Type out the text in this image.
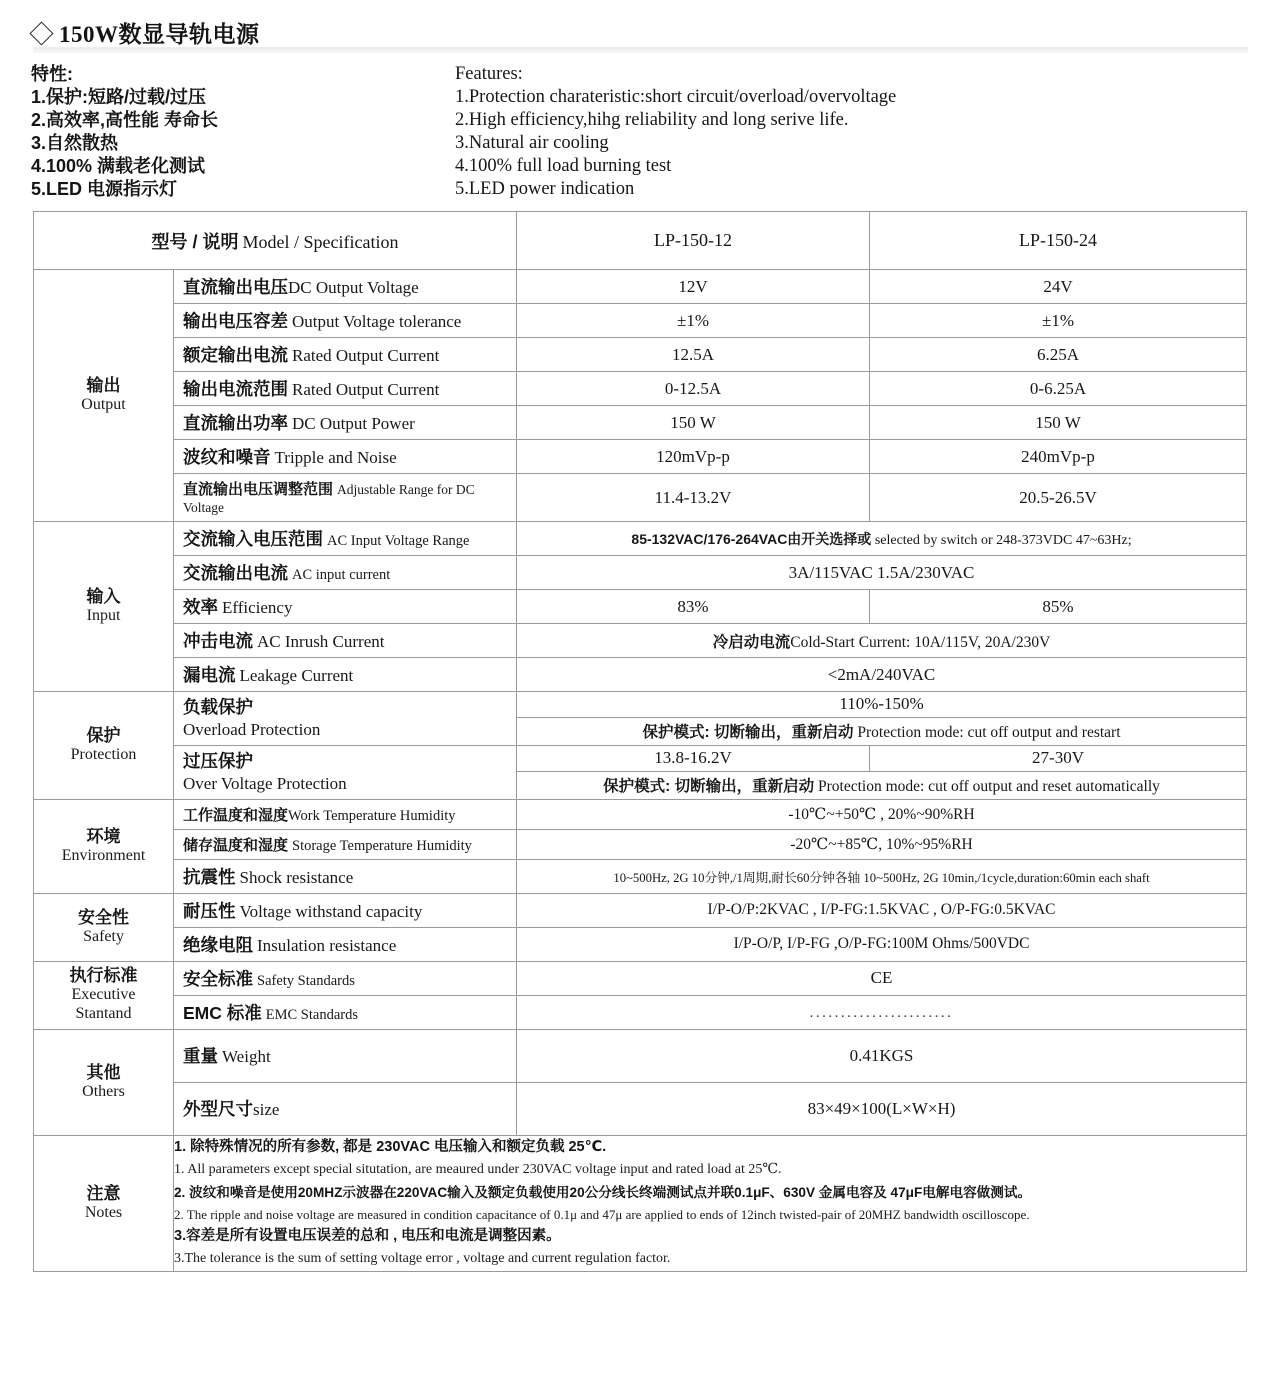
150W数显导轨电源
特性:
1.保护:短路/过载/过压
2.高效率,高性能 寿命长
3.自然散热
4.100% 满载老化测试
5.LED 电源指示灯
Features:
1.Protection charateristic:short circuit/overload/overvoltage
2.High efficiency,hihg reliability and long serive life.
3.Natural air cooling
4.100% full load burning test
5.LED power indication
型号 / 说明 Model / Specification		LP-150-12	LP-150-24

输出
Output	直流输出电压DC Output Voltage	12V	24V

	输出电压容差 Output Voltage tolerance	±1%	±1%

	额定输出电流 Rated Output Current	12.5A	6.25A

	输出电流范围 Rated Output Current	0-12.5A	0-6.25A

	直流输出功率 DC Output Power	150 W	150 W

	波纹和噪音 Tripple and Noise	120mVp-p	240mVp-p

	直流输出电压调整范围 Adjustable Range for DC Voltage	11.4-13.2V	20.5-26.5V

输入
Input	交流输入电压范围 AC Input Voltage Range	85-132VAC/176-264VAC由开关选择或 selected by switch or 248-373VDC 47~63Hz;	

	交流输出电流 AC input current	3A/115VAC 1.5A/230VAC	

	效率 Efficiency	83%	85%

	冲击电流 AC Inrush Current	冷启动电流Cold-Start Current: 10A/115V, 20A/230V	

	漏电流 Leakage Current	<2mA/240VAC	

保护
Protection	负载保护
Overload Protection	110%-150%	
		保护模式: 切断输出，重新启动 Protection mode: cut off output and restart	

	过压保护
Over Voltage Protection	13.8-16.2V	27-30V
		保护模式: 切断输出，重新启动 Protection mode: cut off output and reset automatically	

环境
Environment	工作温度和湿度Work Temperature Humidity	-10℃~+50℃ , 20%~90%RH	

	储存温度和湿度 Storage Temperature Humidity	-20℃~+85℃, 10%~95%RH	

	抗震性 Shock resistance	10~500Hz, 2G 10分钟,/1周期,耐长60分钟各轴 10~500Hz, 2G 10min,/1cycle,duration:60min each shaft	

安全性
Safety	耐压性 Voltage withstand capacity	I/P-O/P:2KVAC , I/P-FG:1.5KVAC , O/P-FG:0.5KVAC	

	绝缘电阻 Insulation resistance	I/P-O/P, I/P-FG ,O/P-FG:100M Ohms/500VDC	

执行标准
Executive
Stantand	安全标准 Safety Standards	CE	

	EMC 标准 EMC Standards	.......................	

其他
Others	重量 Weight	0.41KGS	

	外型尺寸size	83×49×100(L×W×H)	

注意
Notes

1. 除特殊情况的所有参数, 都是 230VAC 电压输入和额定负载 25℃.
1. All parameters except special situtation, are meaured under 230VAC voltage input and rated load at 25℃.
2. 波纹和噪音是使用20MHZ示波器在220VAC输入及额定负载使用20公分线长终端测试点并联0.1μF、630V 金属电容及 47μF电解电容做测试。
2. The ripple and noise voltage are measured in condition capacitance of 0.1μ and 47μ are applied to ends of 12inch twisted-pair of 20MHZ bandwidth oscilloscope.
3.容差是所有设置电压误差的总和 , 电压和电流是调整因素。
3.The tolerance is the sum of setting voltage error , voltage and current regulation factor.
